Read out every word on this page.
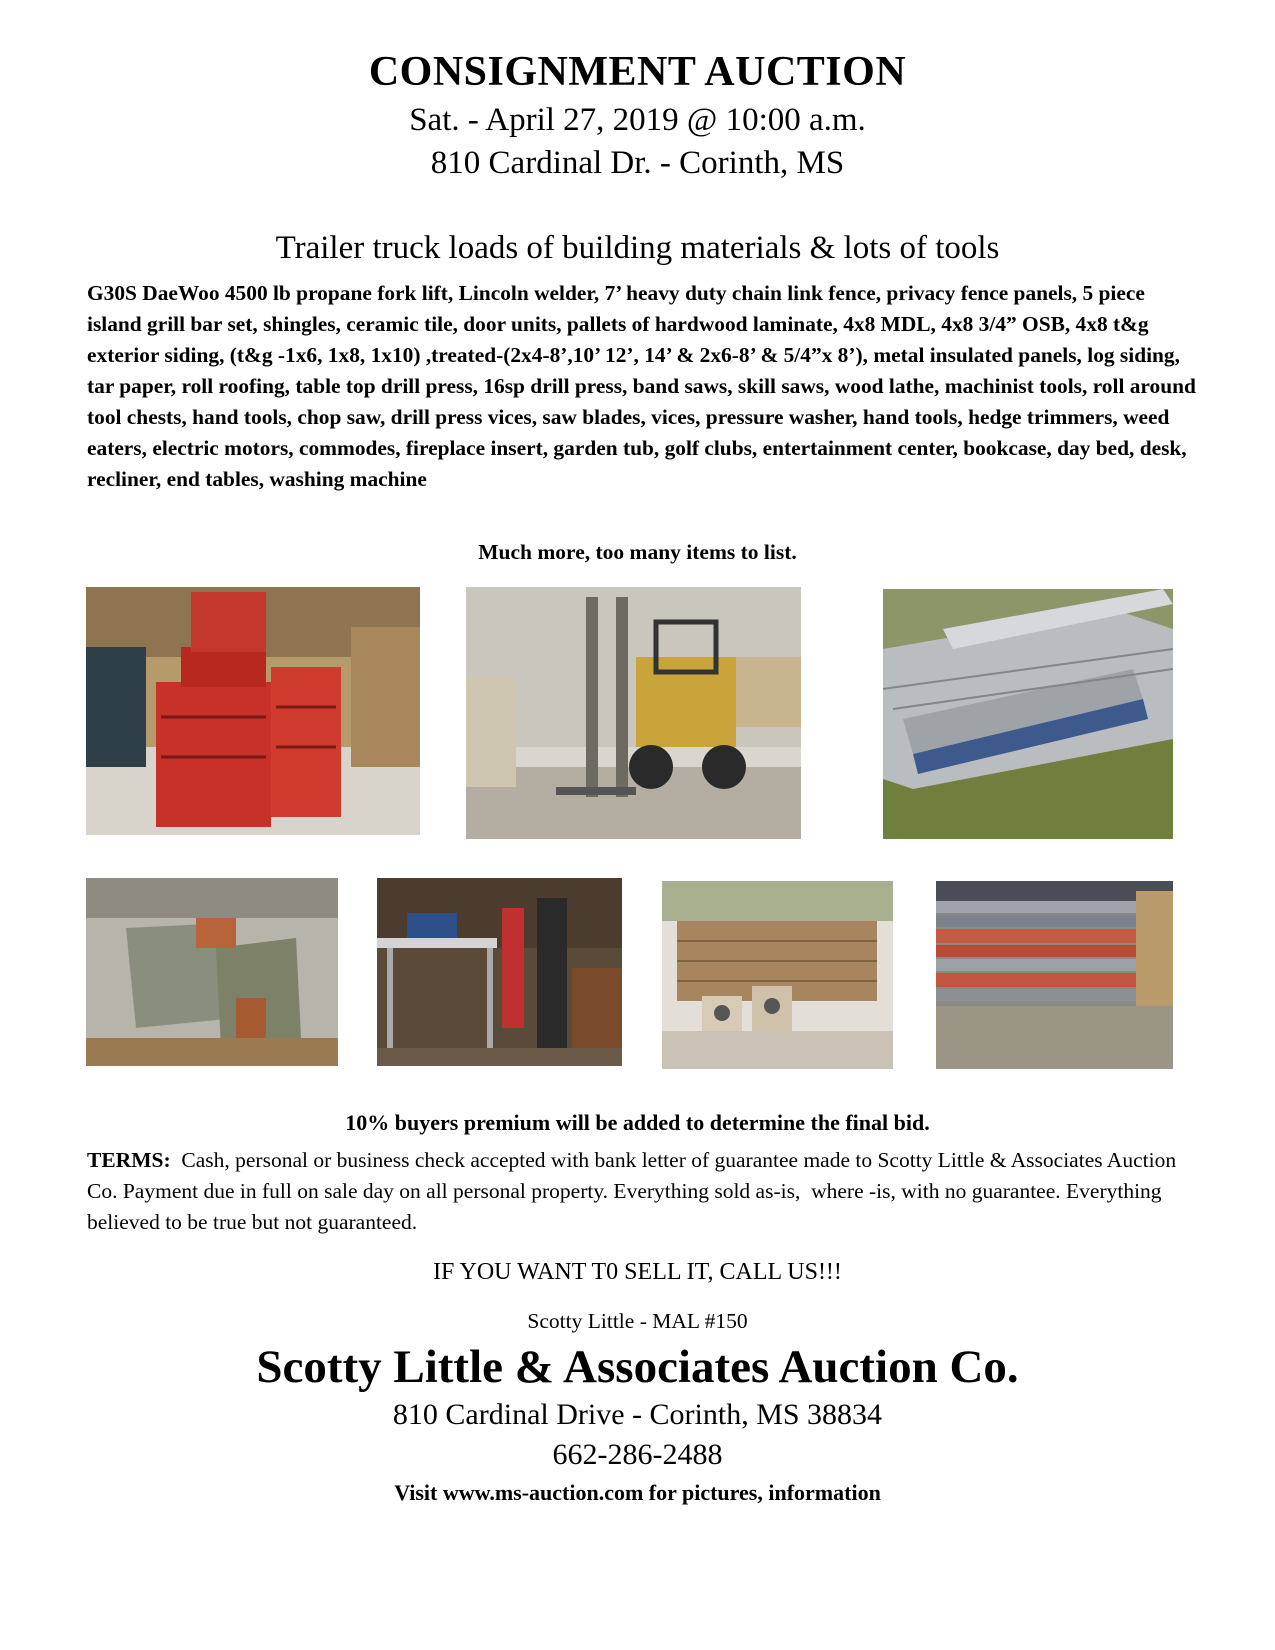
CONSIGNMENT AUCTION
Sat. - April 27, 2019 @ 10:00 a.m.
810 Cardinal Dr. - Corinth, MS
Trailer truck loads of building materials & lots of tools
G30S DaeWoo 4500 lb propane fork lift, Lincoln welder, 7’ heavy duty chain link fence, privacy fence panels, 5 piece island grill bar set, shingles, ceramic tile, door units, pallets of hardwood laminate, 4x8 MDL, 4x8 3/4” OSB, 4x8 t&g exterior siding, (t&g -1x6, 1x8, 1x10) ,treated-(2x4-8’,10’ 12’, 14’ & 2x6-8’ & 5/4”x 8’), metal insulated panels, log siding, tar paper, roll roofing, table top drill press, 16sp drill press, band saws, skill saws, wood lathe, machinist tools, roll around tool chests, hand tools, chop saw, drill press vices, saw blades, vices, pressure washer, hand tools, hedge trimmers, weed eaters, electric motors, commodes, fireplace insert, garden tub, golf clubs, entertainment center, bookcase, day bed, desk, recliner, end tables, washing machine
Much more, too many items to list.
10% buyers premium will be added to determine the final bid.
TERMS:  Cash, personal or business check accepted with bank letter of guarantee made to Scotty Little & Associates Auction Co. Payment due in full on sale day on all personal property. Everything sold as-is,  where -is, with no guarantee. Everything believed to be true but not guaranteed.
IF YOU WANT T0 SELL IT, CALL US!!!
Scotty Little - MAL #150
Scotty Little & Associates Auction Co.
810 Cardinal Drive - Corinth, MS 38834
662-286-2488
Visit www.ms-auction.com for pictures, information
